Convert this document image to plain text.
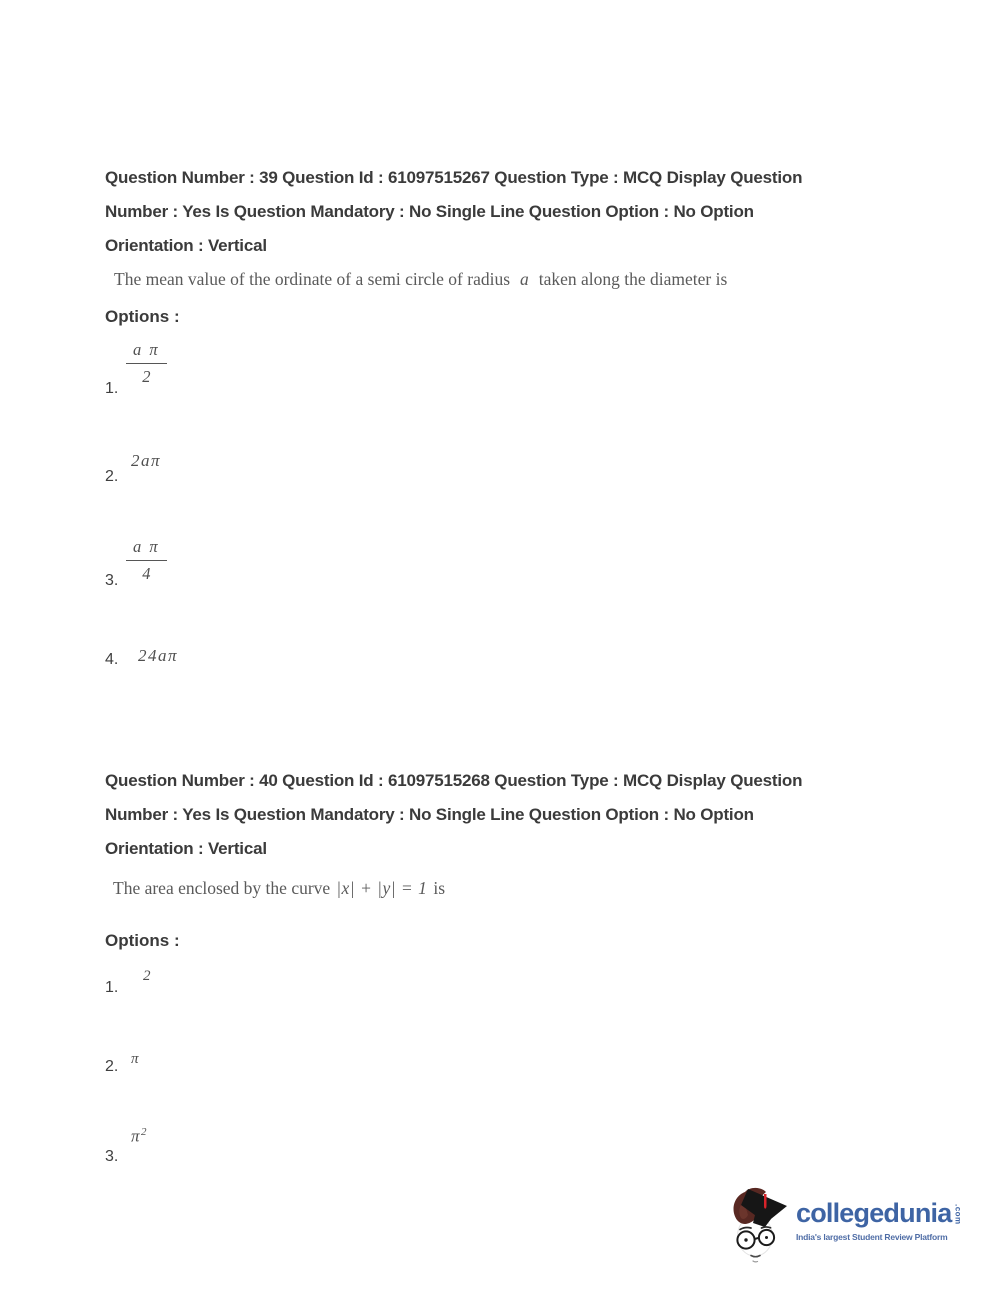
Question Number : 39 Question Id : 61097515267 Question Type : MCQ Display Question
Number : Yes Is Question Mandatory : No Single Line Question Option : No Option
Orientation : Vertical
The mean value of the ordinate of a semi circle of radius a taken along the diameter is
Options :
$\frac{\text{a π}}{2}$
1.
2aπ
2.
$\frac{\text{a π}}{4}$
3.
24aπ
4.
Question Number : 40 Question Id : 61097515268 Question Type : MCQ Display Question
Number : Yes Is Question Mandatory : No Single Line Question Option : No Option
Orientation : Vertical
The area enclosed by the curve |x| + |y| = 1 is
Options :
2
1.
π
2.
$\pi^2$
3.
collegedunia .com
India's largest Student Review Platform
